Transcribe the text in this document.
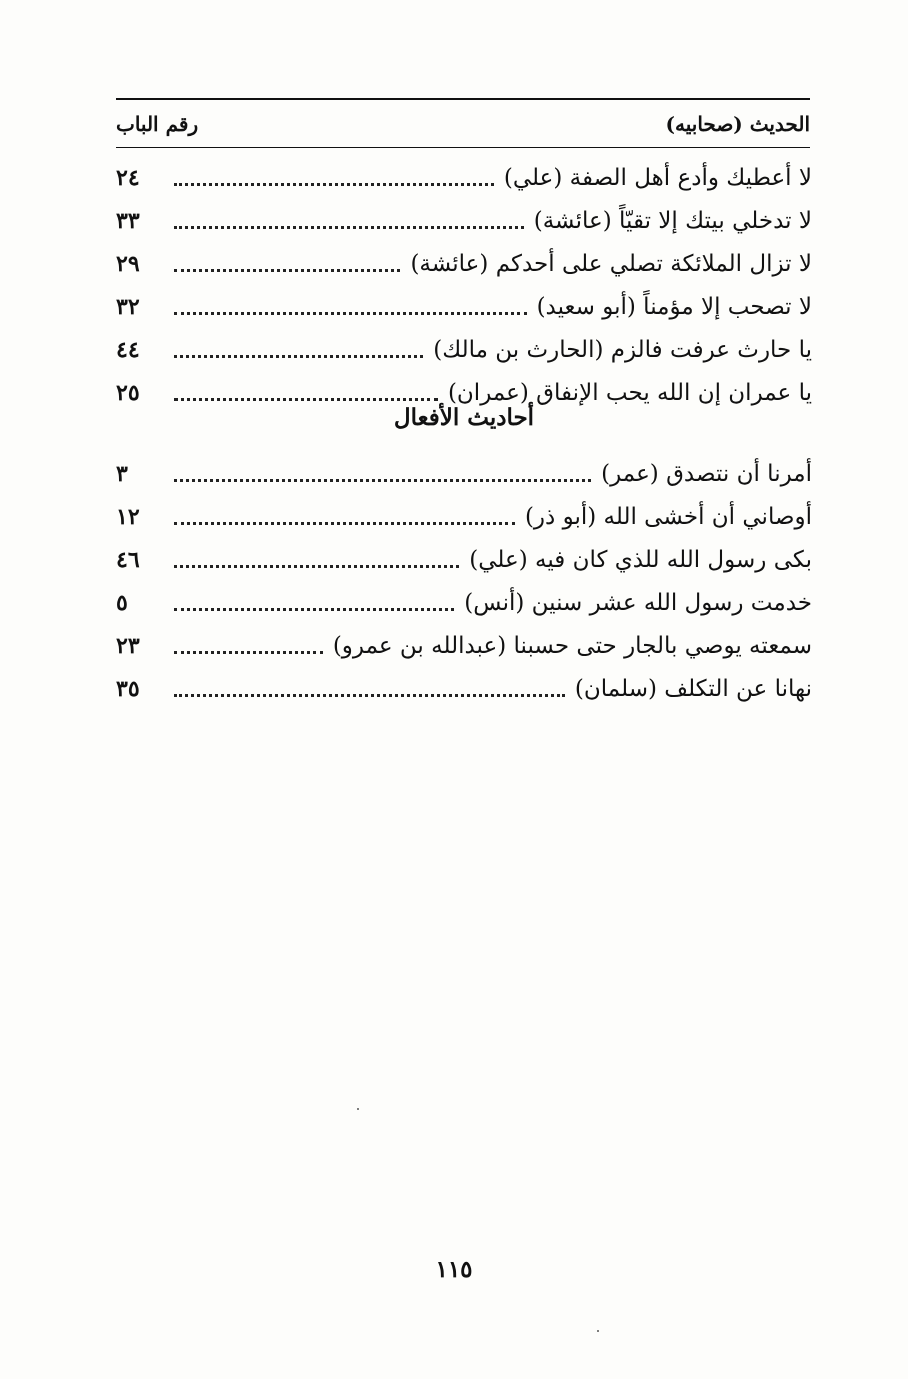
الحديث (صحابيه)
رقم الباب
لا أعطيك وأدع أهل الصفة (علي)
٢٤
لا تدخلي بيتك إلا تقيّاً (عائشة)
٣٣
لا تزال الملائكة تصلي على أحدكم (عائشة)
٢٩
لا تصحب إلا مؤمناً (أبو سعيد)
٣٢
يا حارث عرفت فالزم (الحارث بن مالك)
٤٤
يا عمران إن الله يحب الإنفاق (عمران)
٢٥
أحاديث الأفعال
أمرنا أن نتصدق (عمر)
٣
أوصاني أن أخشى الله (أبو ذر)
١٢
بكى رسول الله للذي كان فيه (علي)
٤٦
خدمت رسول الله عشر سنين (أنس)
٥
سمعته يوصي بالجار حتى حسبنا (عبدالله بن عمرو)
٢٣
نهانا عن التكلف (سلمان)
٣٥
١١٥
